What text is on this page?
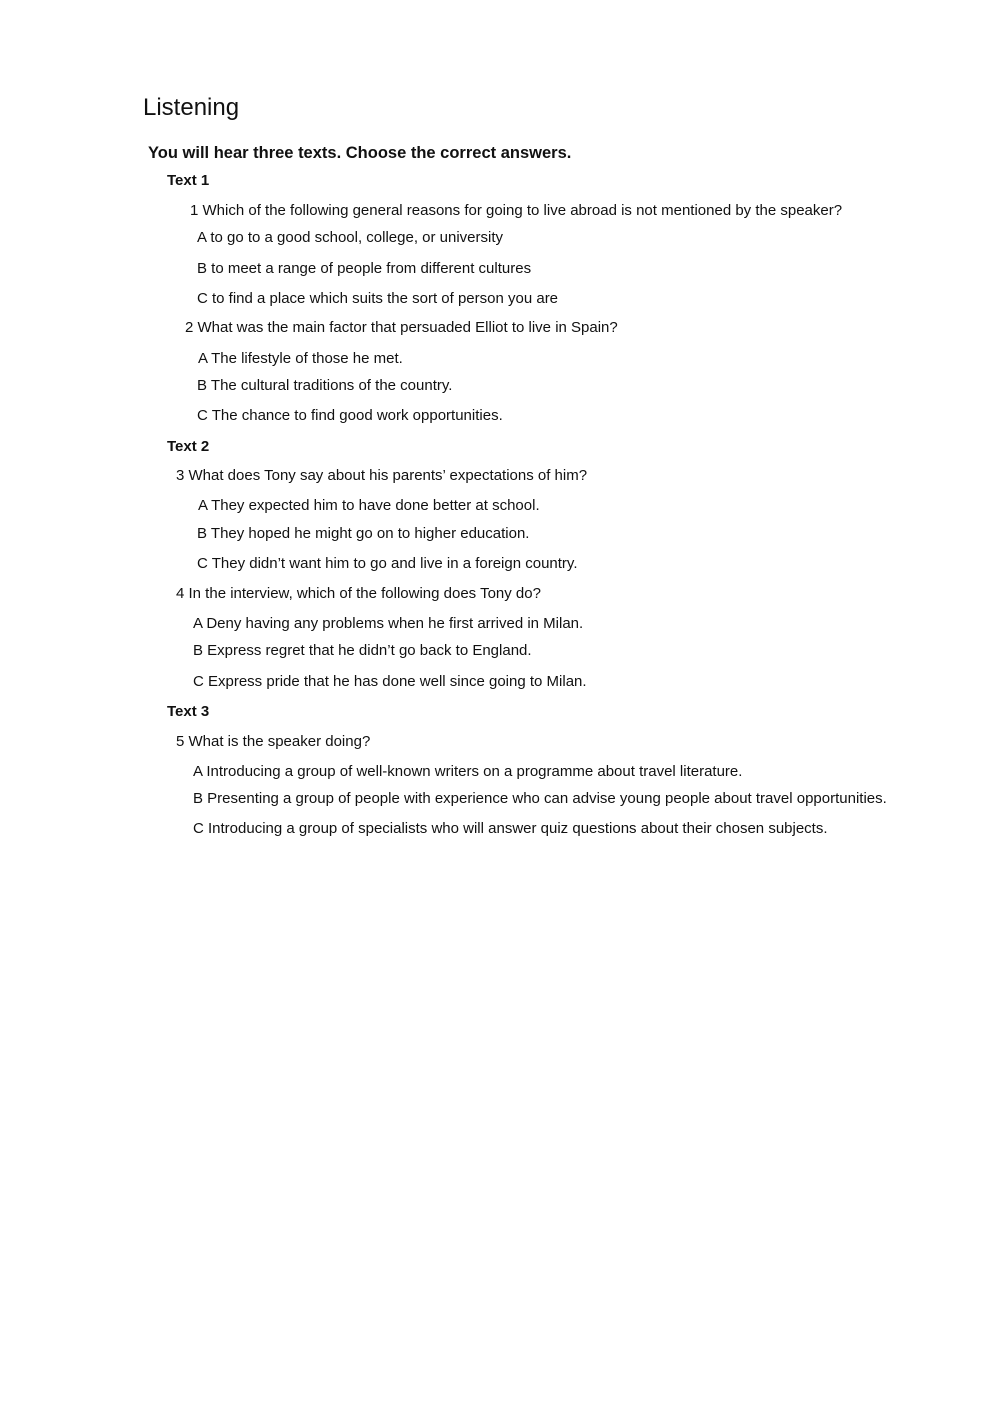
Listening
You will hear three texts. Choose the correct answers.
Text 1
1 Which of the following general reasons for going to live abroad is not mentioned by the speaker?
A to go to a good school, college, or university
B to meet a range of people from different cultures
C to find a place which suits the sort of person you are
2 What was the main factor that persuaded Elliot to live in Spain?
A The lifestyle of those he met.
B The cultural traditions of the country.
C The chance to find good work opportunities.
Text 2
3 What does Tony say about his parents’ expectations of him?
A They expected him to have done better at school.
B They hoped he might go on to higher education.
C They didn’t want him to go and live in a foreign country.
4 In the interview, which of the following does Tony do?
A Deny having any problems when he first arrived in Milan.
B Express regret that he didn’t go back to England.
C Express pride that he has done well since going to Milan.
Text 3
5 What is the speaker doing?
A Introducing a group of well-known writers on a programme about travel literature.
B Presenting a group of people with experience who can advise young people about travel opportunities.
C Introducing a group of specialists who will answer quiz questions about their chosen subjects.
